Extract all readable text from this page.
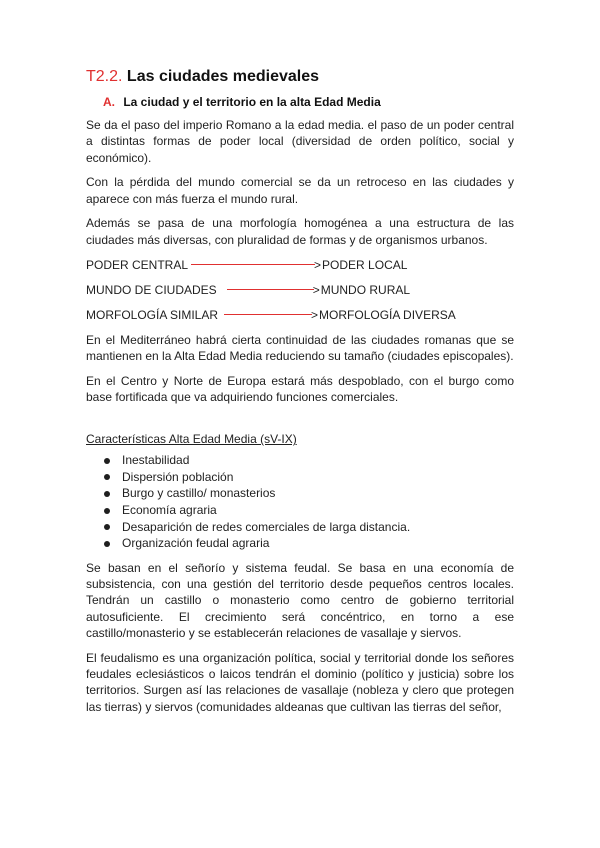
T2.2. Las ciudades medievales
A. La ciudad y el territorio en la alta Edad Media

Se da el paso del imperio Romano a la edad media. el paso de un poder central a distintas formas de poder local (diversidad de orden político, social y económico).

Con la pérdida del mundo comercial se da un retroceso en las ciudades y aparece con más fuerza el mundo rural.

Además se pasa de una morfología homogénea a una estructura de las ciudades más diversas, con pluralidad de formas y de organismos urbanos.

PODER CENTRAL	> PODER LOCAL
MUNDO DE CIUDADES	> MUNDO RURAL
MORFOLOGÍA SIMILAR	> MORFOLOGÍA DIVERSA

En el Mediterráneo habrá cierta continuidad de las ciudades romanas que se mantienen en la Alta Edad Media reduciendo su tamaño (ciudades episcopales).

En el Centro y Norte de Europa estará más despoblado, con el burgo como base fortificada que va adquiriendo funciones comerciales.

Características Alta Edad Media (sV-IX)
Inestabilidad
Dispersión población
Burgo y castillo/ monasterios
Economía agraria
Desaparición de redes comerciales de larga distancia.
Organización feudal agraria

Se basan en el señorío y sistema feudal. Se basa en una economía de subsistencia, con una gestión del territorio desde pequeños centros locales. Tendrán un castillo o monasterio como centro de gobierno territorial autosuficiente. El crecimiento será concéntrico, en torno a ese castillo/monasterio y se establecerán relaciones de vasallaje y siervos.

El feudalismo es una organización política, social y territorial donde los señores feudales eclesiásticos o laicos tendrán el dominio (político y justicia) sobre los territorios. Surgen así las relaciones de vasallaje (nobleza y clero que protegen las tierras) y siervos (comunidades aldeanas que cultivan las tierras del señor,
